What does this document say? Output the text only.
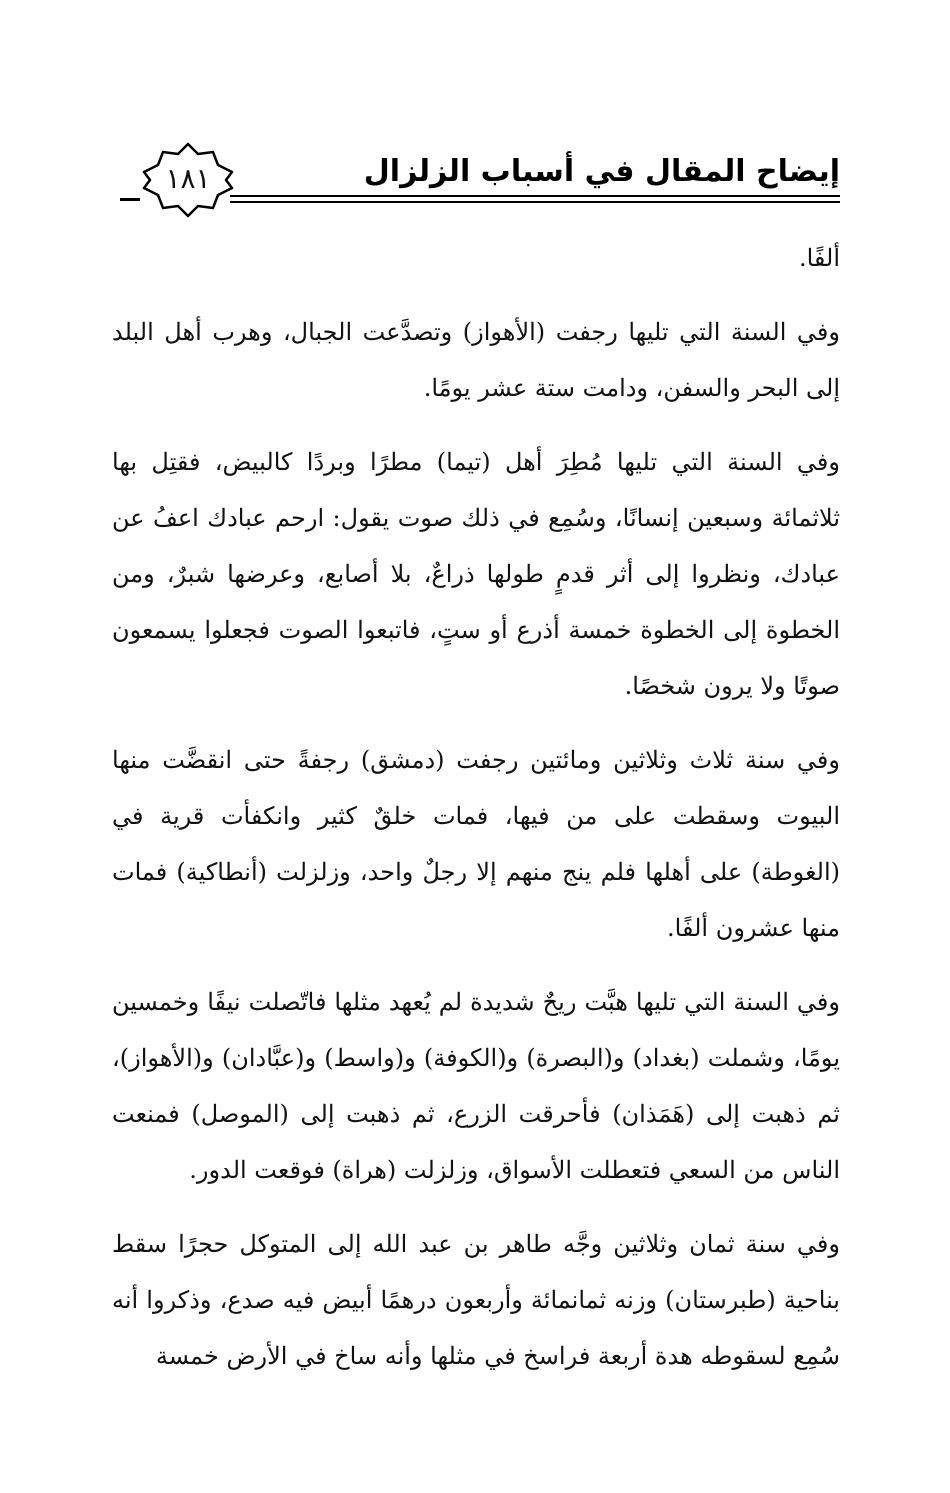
إيضاح المقال في أسباب الزلزال
١٨١

ألفًا.

وفي السنة التي تليها رجفت (الأهواز) وتصدَّعت الجبال، وهرب أهل البلد إلى البحر والسفن، ودامت ستة عشر يومًا.

وفي السنة التي تليها مُطِرَ أهل (تيما) مطرًا وبردًا كالبيض، فقتِل بها ثلاثمائة وسبعين إنسانًا، وسُمِع في ذلك صوت يقول: ارحم عبادك اعفُ عن عبادك، ونظروا إلى أثر قدمٍ طولها ذراعٌ، بلا أصابع، وعرضها شبرٌ، ومن الخطوة إلى الخطوة خمسة أذرع أو ستٍ، فاتبعوا الصوت فجعلوا يسمعون صوتًا ولا يرون شخصًا.

وفي سنة ثلاث وثلاثين ومائتين رجفت (دمشق) رجفةً حتى انقضَّت منها البيوت وسقطت على من فيها، فمات خلقٌ كثير وانكفأت قرية في (الغوطة) على أهلها فلم ينج منهم إلا رجلٌ واحد، وزلزلت (أنطاكية) فمات منها عشرون ألفًا.

وفي السنة التي تليها هبَّت ريحٌ شديدة لم يُعهد مثلها فاتّصلت نيفًا وخمسين يومًا، وشملت (بغداد) و(البصرة) و(الكوفة) و(واسط) و(عبَّادان) و(الأهواز)، ثم ذهبت إلى (هَمَذان) فأحرقت الزرع، ثم ذهبت إلى (الموصل) فمنعت الناس من السعي فتعطلت الأسواق، وزلزلت (هراة) فوقعت الدور.

وفي سنة ثمان وثلاثين وجَّه طاهر بن عبد الله إلى المتوكل حجرًا سقط بناحية (طبرستان) وزنه ثمانمائة وأربعون درهمًا أبيض فيه صدع، وذكروا أنه سُمِع لسقوطه هدة أربعة فراسخ في مثلها وأنه ساخ في الأرض خمسة
